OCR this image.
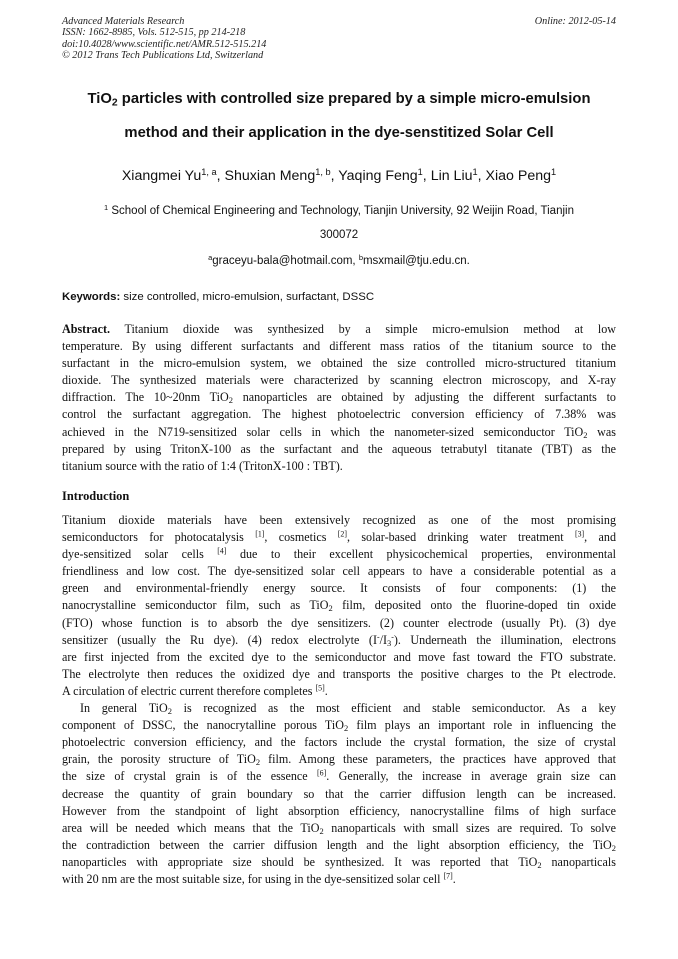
Advanced Materials Research
ISSN: 1662-8985, Vols. 512-515, pp 214-218
doi:10.4028/www.scientific.net/AMR.512-515.214
© 2012 Trans Tech Publications Ltd, Switzerland
Online: 2012-05-14
TiO$_2$ particles with controlled size prepared by a simple micro-emulsion
method and their application in the dye-senstitized Solar Cell
Xiangmei Yu$^{1, a}$, Shuxian Meng$^{1, b}$, Yaqing Feng$^1$, Lin Liu$^1$, Xiao Peng$^1$
$^1$ School of Chemical Engineering and Technology, Tianjin University, 92 Weijin Road, Tianjin
300072
$^a$graceyu-bala@hotmail.com, $^b$msxmail@tju.edu.cn.
Keywords: size controlled, micro-emulsion, surfactant, DSSC
Abstract. Titanium dioxide was synthesized by a simple micro-emulsion method at low
temperature. By using different surfactants and different mass ratios of the titanium source to the
surfactant in the micro-emulsion system, we obtained the size controlled micro-structured titanium
dioxide. The synthesized materials were characterized by scanning electron microscopy, and X-ray
diffraction. The 10~20nm TiO$_2$ nanoparticles are obtained by adjusting the different surfactants to
control the surfactant aggregation. The highest photoelectric conversion efficiency of 7.38% was
achieved in the N719-sensitized solar cells in which the nanometer-sized semiconductor TiO$_2$ was
prepared by using TritonX-100 as the surfactant and the aqueous tetrabutyl titanate (TBT) as the
titanium source with the ratio of 1:4 (TritonX-100 : TBT).
Introduction
Titanium dioxide materials have been extensively recognized as one of the most promising
semiconductors for photocatalysis [1], cosmetics [2], solar-based drinking water treatment [3], and
dye-sensitized solar cells [4] due to their excellent physicochemical properties, environmental
friendliness and low cost. The dye-sensitized solar cell appears to have a considerable potential as a
green and environmental-friendly energy source. It consists of four components: (1) the
nanocrystalline semiconductor film, such as TiO$_2$ film, deposited onto the fluorine-doped tin oxide
(FTO) whose function is to absorb the dye sensitizers. (2) counter electrode (usually Pt). (3) dye
sensitizer (usually the Ru dye). (4) redox electrolyte $(I^-/I_3^-)$. Underneath the illumination, electrons
are first injected from the excited dye to the semiconductor and move fast toward the FTO substrate.
The electrolyte then reduces the oxidized dye and transports the positive charges to the Pt electrode.
A circulation of electric current therefore completes [5].
In general TiO$_2$ is recognized as the most efficient and stable semiconductor. As a key
component of DSSC, the nanocrytalline porous TiO$_2$ film plays an important role in influencing the
photoelectric conversion efficiency, and the factors include the crystal formation, the size of crystal
grain, the porosity structure of TiO$_2$ film. Among these parameters, the practices have approved that
the size of crystal grain is of the essence [6]. Generally, the increase in average grain size can
decrease the quantity of grain boundary so that the carrier diffusion length can be increased.
However from the standpoint of light absorption efficiency, nanocrystalline films of high surface
area will be needed which means that the TiO$_2$ nanoparticals with small sizes are required. To solve
the contradiction between the carrier diffusion length and the light absorption efficiency, the TiO$_2$
nanoparticles with appropriate size should be synthesized. It was reported that TiO$_2$ nanoparticals
with 20 nm are the most suitable size, for using in the dye-sensitized solar cell [7].
